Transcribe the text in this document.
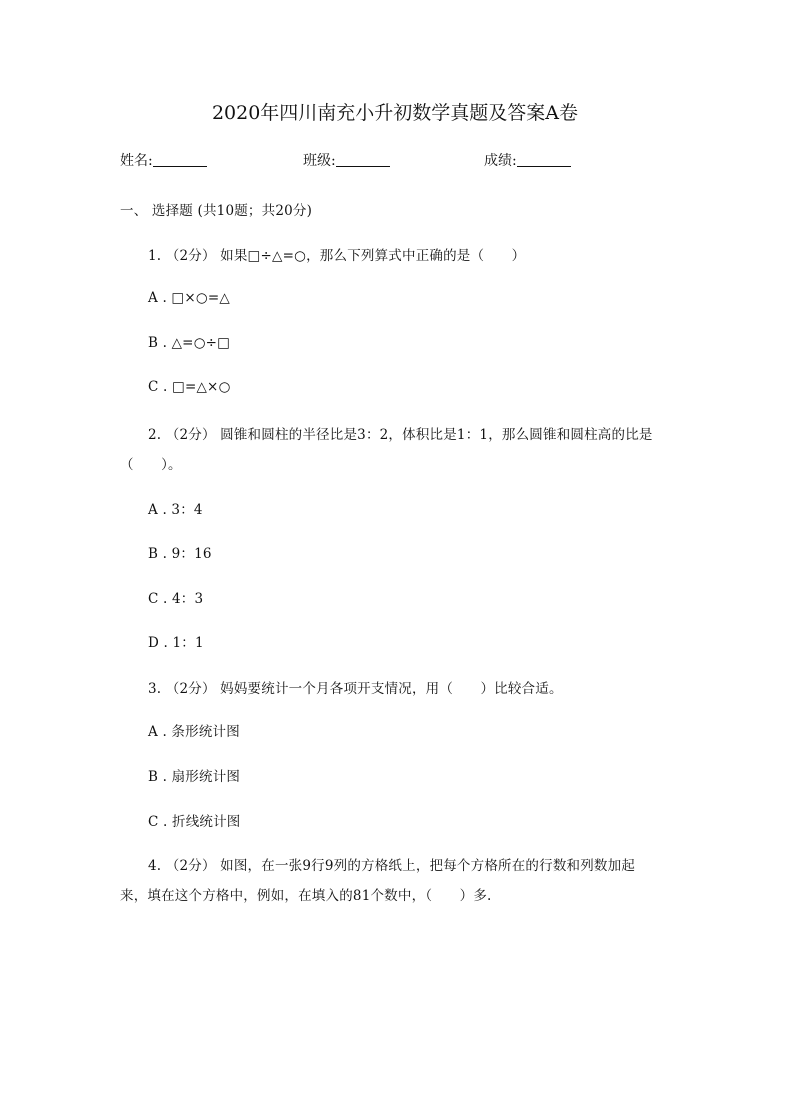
2020年四川南充小升初数学真题及答案A卷
姓名:	班级:	成绩:
一、 选择题 (共10题；共20分)
1. （2分） 如果□÷△=○，那么下列算式中正确的是（　　）
A . □×○=△
B . △=○÷□
C . □=△×○
2. （2分） 圆锥和圆柱的半径比是3：2，体积比是1：1，那么圆锥和圆柱高的比是
（　　）。
A . 3：4
B . 9：16
C . 4：3
D . 1：1
3. （2分） 妈妈要统计一个月各项开支情况，用（　　）比较合适。
A . 条形统计图
B . 扇形统计图
C . 折线统计图
4. （2分） 如图，在一张9行9列的方格纸上，把每个方格所在的行数和列数加起
来，填在这个方格中，例如，在填入的81个数中，（　　）多.
